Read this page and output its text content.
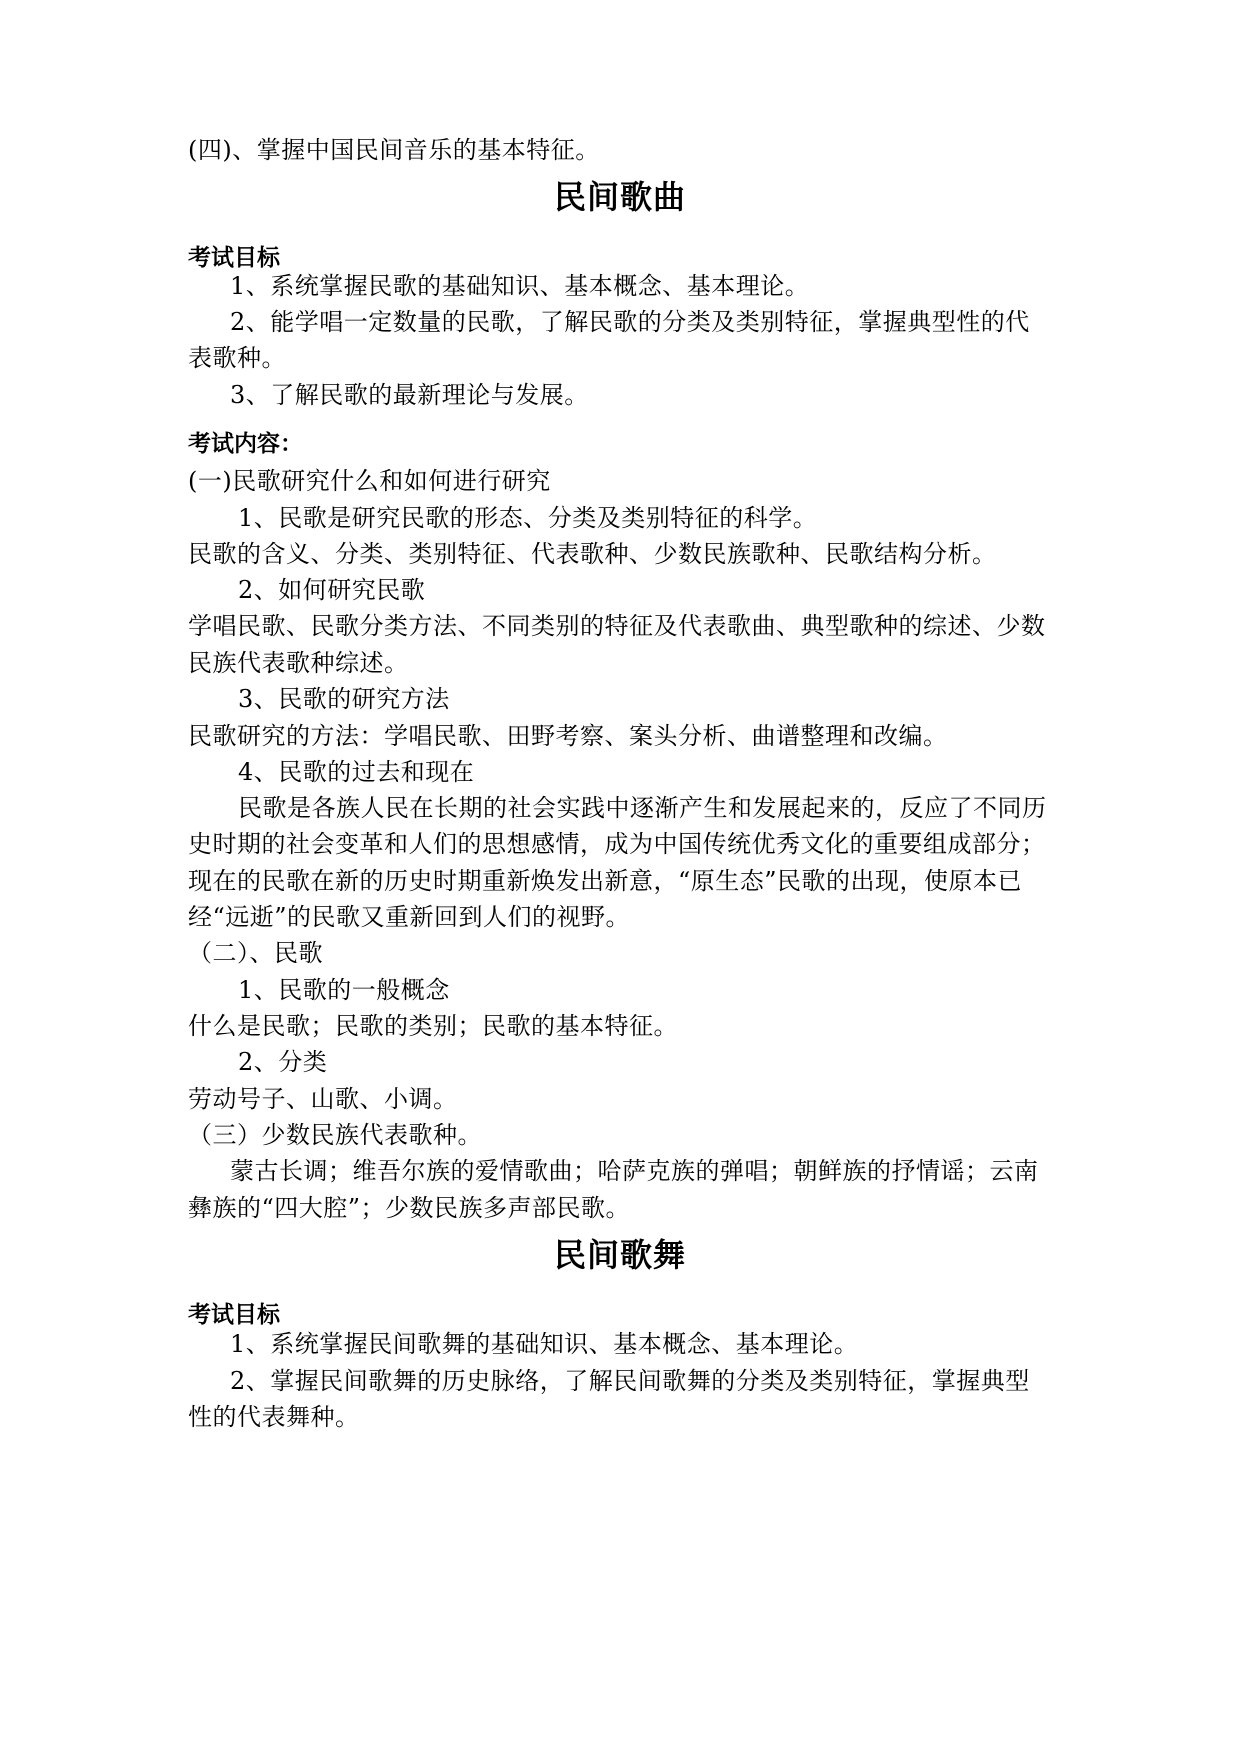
(四)、掌握中国民间音乐的基本特征。
民间歌曲
考试目标
1、系统掌握民歌的基础知识、基本概念、基本理论。
2、能学唱一定数量的民歌，了解民歌的分类及类别特征，掌握典型性的代
表歌种。
3、了解民歌的最新理论与发展。
考试内容：
(一)民歌研究什么和如何进行研究
1、民歌是研究民歌的形态、分类及类别特征的科学。
民歌的含义、分类、类别特征、代表歌种、少数民族歌种、民歌结构分析。
2、如何研究民歌
学唱民歌、民歌分类方法、不同类别的特征及代表歌曲、典型歌种的综述、少数
民族代表歌种综述。
3、民歌的研究方法
民歌研究的方法：学唱民歌、田野考察、案头分析、曲谱整理和改编。
4、民歌的过去和现在
民歌是各族人民在长期的社会实践中逐渐产生和发展起来的，反应了不同历
史时期的社会变革和人们的思想感情，成为中国传统优秀文化的重要组成部分；
现在的民歌在新的历史时期重新焕发出新意，“原生态”民歌的出现，使原本已
经“远逝”的民歌又重新回到人们的视野。
（二）、民歌
1、民歌的一般概念
什么是民歌；民歌的类别；民歌的基本特征。
2、分类
劳动号子、山歌、小调。
（三）少数民族代表歌种。
蒙古长调；维吾尔族的爱情歌曲；哈萨克族的弹唱；朝鲜族的抒情谣；云南
彝族的“四大腔”；少数民族多声部民歌。
民间歌舞
考试目标
1、系统掌握民间歌舞的基础知识、基本概念、基本理论。
2、掌握民间歌舞的历史脉络，了解民间歌舞的分类及类别特征，掌握典型
性的代表舞种。
